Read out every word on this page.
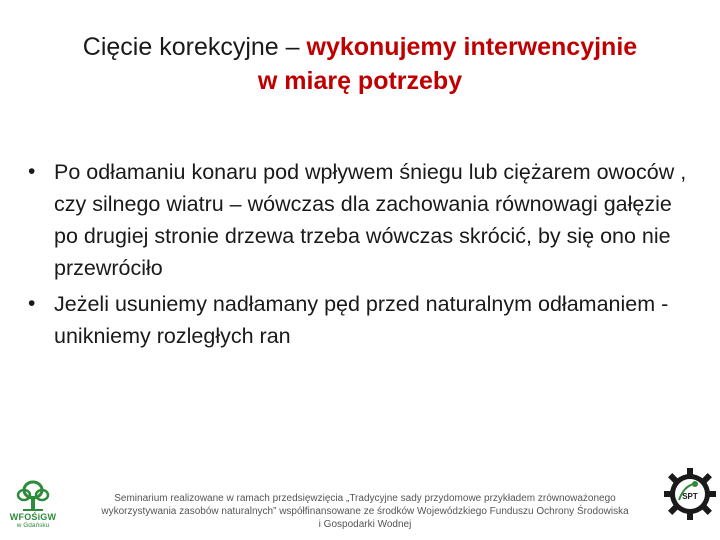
Cięcie korekcyjne – wykonujemy interwencyjnie
w miarę potrzeby
• Po odłamaniu konaru pod wpływem śniegu lub ciężarem owoców , czy silnego wiatru – wówczas dla zachowania równowagi gałęzie po drugiej stronie drzewa trzeba wówczas skrócić, by się ono nie przewróciło
• Jeżeli usuniemy nadłamany pęd przed naturalnym odłamaniem - unikniemy rozległych ran
WFOŚiGW
w Gdańsku
Seminarium realizowane w ramach przedsięwzięcia „Tradycyjne sady przydomowe przykładem zrównoważonego
wykorzystywania zasobów naturalnych” współfinansowane ze środków Wojewódzkiego Funduszu Ochrony Środowiska
i Gospodarki Wodnej
SPT
